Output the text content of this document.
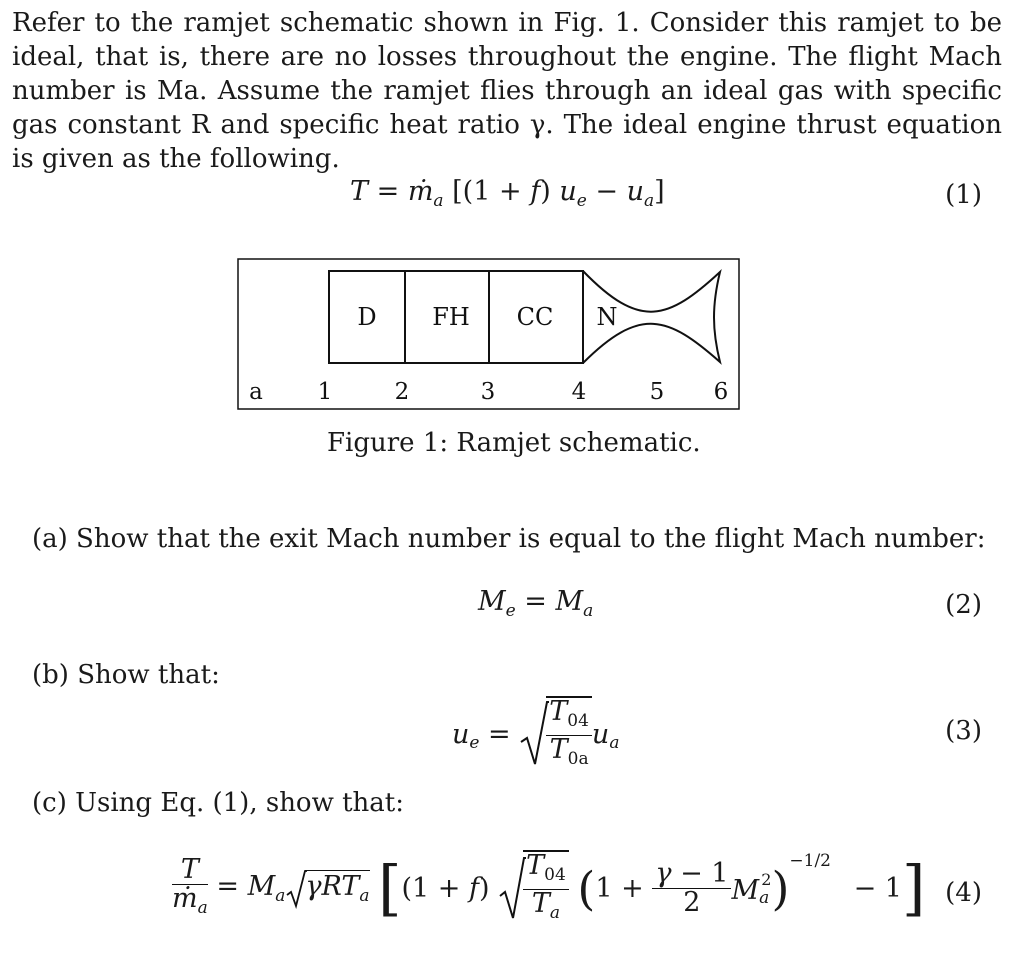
Refer to the ramjet schematic shown in Fig. 1. Consider this ramjet to be ideal, that is, there are no losses throughout the engine. The flight Mach number is Ma. Assume the ramjet flies through an ideal gas with specific gas constant R and specific heat ratio γ. The ideal engine thrust equation is given as the following.

T = ṁ$_a$ [(1 + f) $u_e - u_a$]	(1)
D FH CC N
a 1	2	3	4	5 6
Figure 1: Ramjet schematic.
(a) Show that the exit Mach number is equal to the flight Mach number:
$M_e = M_a$	(2)
(b) Show that:
$u_e = \frac{T_{04}}{T_{0a}} u_a$	(3)
(c) Using Eq. (1), show that:
$\frac{T}{ṁ_a} = M_a$ γRT$_a$ $[(1 + f) \frac{T_{04}}{T_a} (1 + \frac{\gamma - 1}{2} M_a^2)^{-1/2} - 1]$ (4)
